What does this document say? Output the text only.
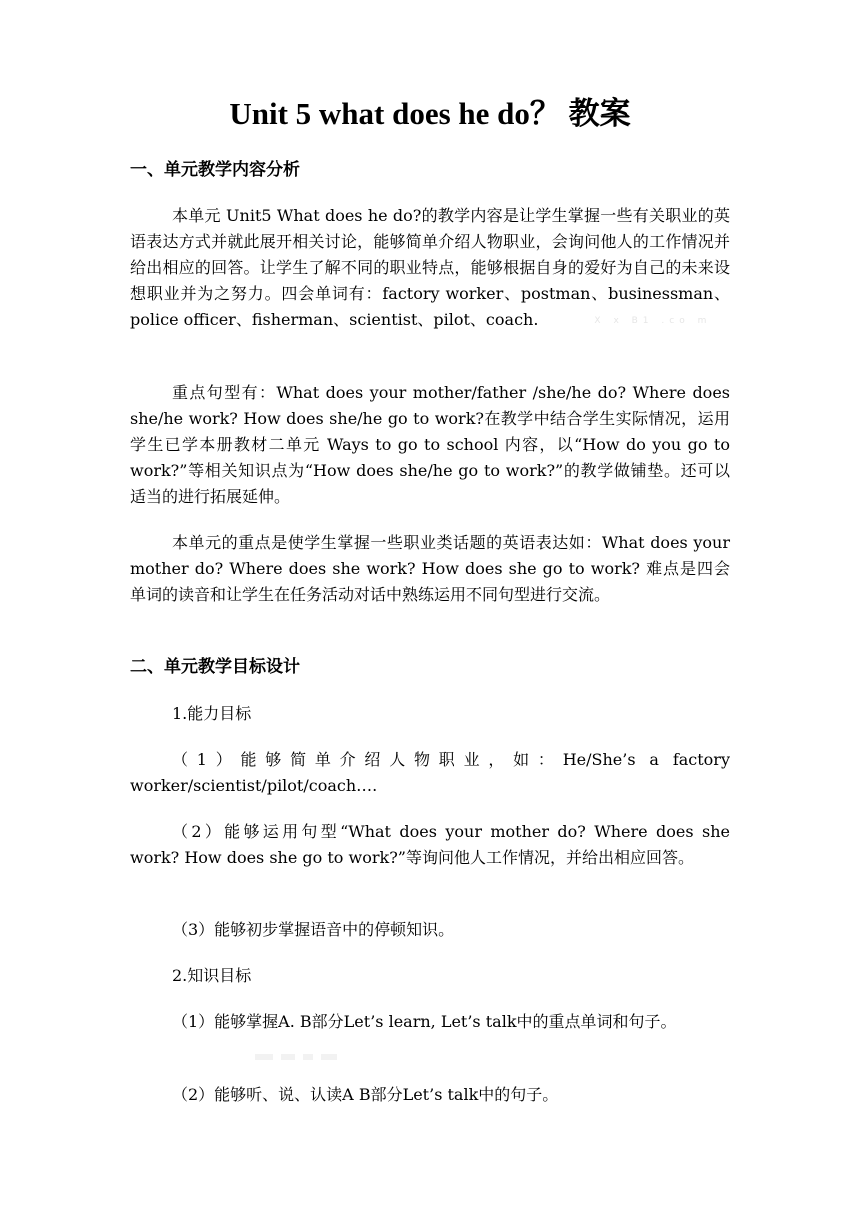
Unit 5 what does he do？ 教案
一、单元教学内容分析

本单元 Unit5 What does he do?的教学内容是让学生掌握一些有关职业的英语表达方式并就此展开相关讨论，能够简单介绍人物职业，会询问他人的工作情况并给出相应的回答。让学生了解不同的职业特点，能够根据自身的爱好为自己的未来设想职业并为之努力。四会单词有：factory worker、postman、businessman、police officer、fisherman、scientist、pilot、coach.	X x B1 .co m

重点句型有：What does your mother/father /she/he do? Where does she/he work? How does she/he go to work?在教学中结合学生实际情况，运用学生已学本册教材二单元 Ways to go to school 内容，以“How do you go to work?”等相关知识点为“How does she/he go to work?”的教学做铺垫。还可以适当的进行拓展延伸。

本单元的重点是使学生掌握一些职业类话题的英语表达如：What does your mother do? Where does she work? How does she go to work? 难点是四会单词的读音和让学生在任务活动对话中熟练运用不同句型进行交流。

二、单元教学目标设计

1.能力目标

（1）能够简单介绍人物职业，如：He/She’s a factory worker/scientist/pilot/coach….

（2）能够运用句型“What does your mother do? Where does she work? How does she go to work?”等询问他人工作情况，并给出相应回答。

（3）能够初步掌握语音中的停顿知识。

2.知识目标

（1）能够掌握A. B部分Let’s learn, Let’s talk中的重点单词和句子。

（2）能够听、说、认读A B部分Let’s talk中的句子。
